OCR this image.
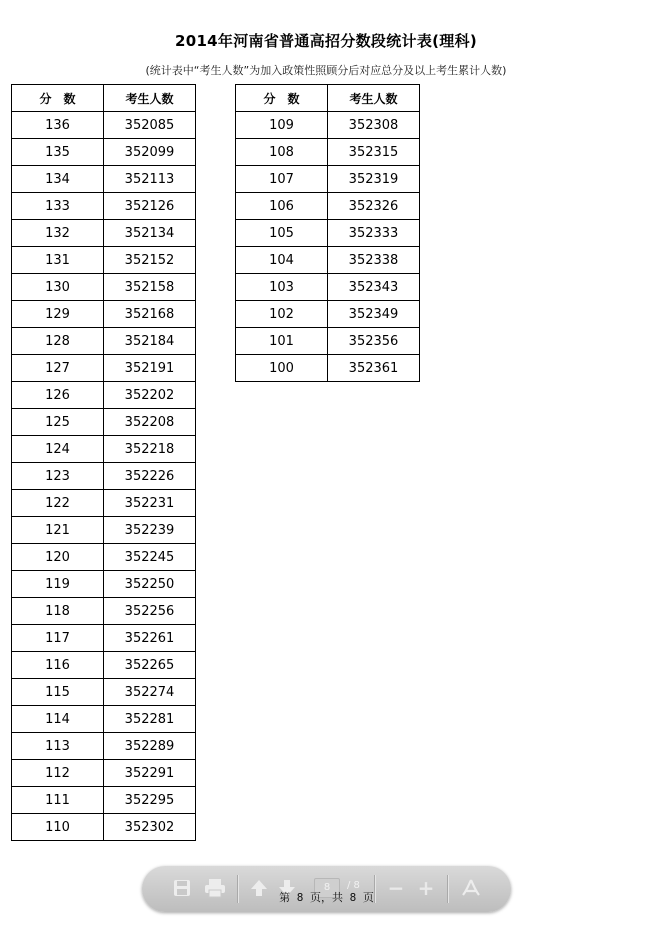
2014年河南省普通高招分数段统计表(理科)
(统计表中“考生人数”为加入政策性照顾分后对应总分及以上考生累计人数)
分　数	考生人数
136	352085
135	352099
134	352113
133	352126
132	352134
131	352152
130	352158
129	352168
128	352184
127	352191
126	352202
125	352208
124	352218
123	352226
122	352231
121	352239
120	352245
119	352250
118	352256
117	352261
116	352265
115	352274
114	352281
113	352289
112	352291
111	352295
110	352302
分　数	考生人数
109	352308
108	352315
107	352319
106	352326
105	352333
104	352338
103	352343
102	352349
101	352356
100	352361
8	/ 8 − +
第 8 页，共 8 页
